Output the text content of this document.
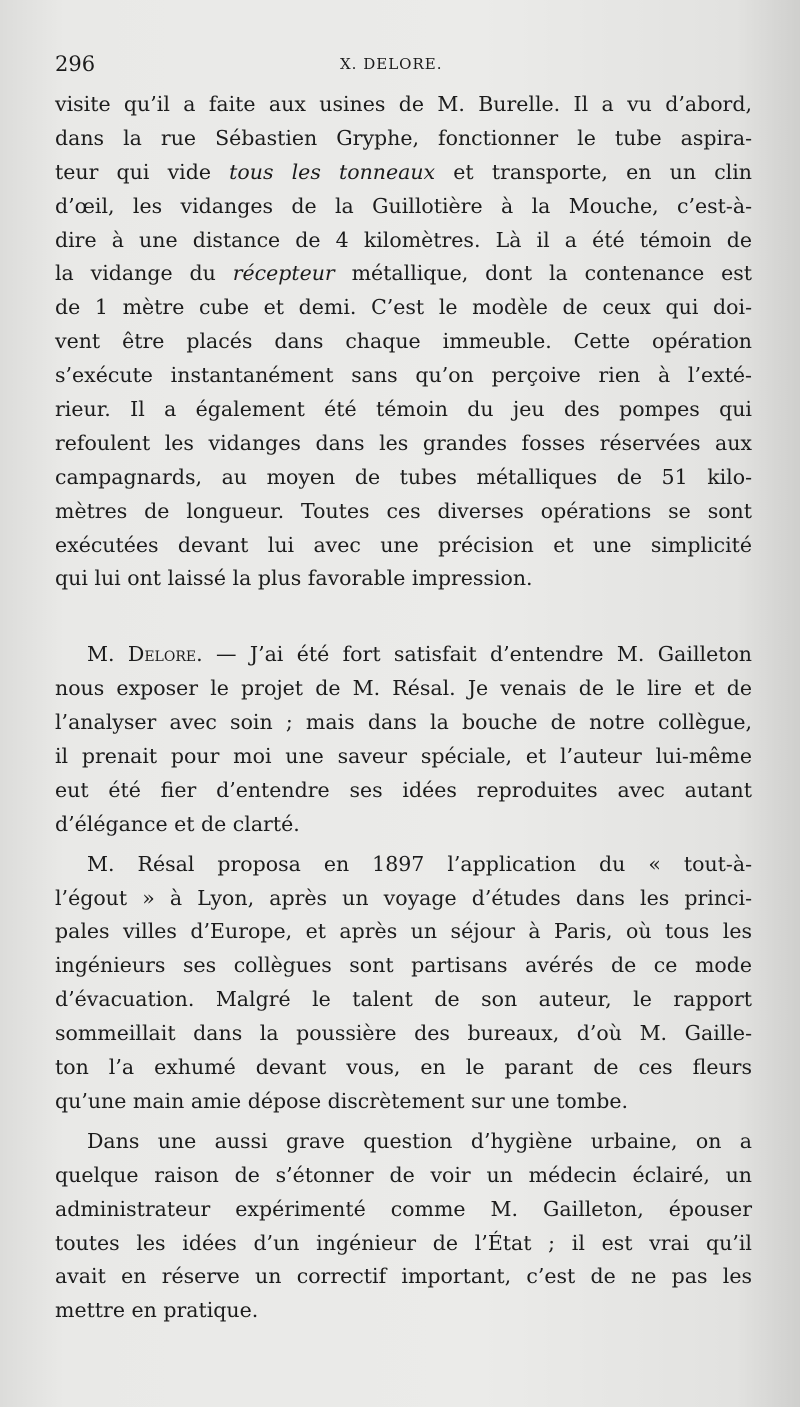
296	X. DELORE.
visite qu’il a faite aux usines de M. Burelle. Il a vu d’abord,
dans la rue Sébastien Gryphe, fonctionner le tube aspira-
teur qui vide tous les tonneaux et transporte, en un clin
d’œil, les vidanges de la Guillotière à la Mouche, c’est-à-
dire à une distance de 4 kilomètres. Là il a été témoin de
la vidange du récepteur métallique, dont la contenance est
de 1 mètre cube et demi. C’est le modèle de ceux qui doi-
vent être placés dans chaque immeuble. Cette opération
s’exécute instantanément sans qu’on perçoive rien à l’exté-
rieur. Il a également été témoin du jeu des pompes qui
refoulent les vidanges dans les grandes fosses réservées aux
campagnards, au moyen de tubes métalliques de 51 kilo-
mètres de longueur. Toutes ces diverses opérations se sont
exécutées devant lui avec une précision et une simplicité
qui lui ont laissé la plus favorable impression.
M. Delore. — J’ai été fort satisfait d’entendre M. Gailleton
nous exposer le projet de M. Résal. Je venais de le lire et de
l’analyser avec soin ; mais dans la bouche de notre collègue,
il prenait pour moi une saveur spéciale, et l’auteur lui-même
eut été fier d’entendre ses idées reproduites avec autant
d’élégance et de clarté.
M. Résal proposa en 1897 l’application du « tout-à-
l’égout » à Lyon, après un voyage d’études dans les princi-
pales villes d’Europe, et après un séjour à Paris, où tous les
ingénieurs ses collègues sont partisans avérés de ce mode
d’évacuation. Malgré le talent de son auteur, le rapport
sommeillait dans la poussière des bureaux, d’où M. Gaille-
ton l’a exhumé devant vous, en le parant de ces fleurs
qu’une main amie dépose discrètement sur une tombe.
Dans une aussi grave question d’hygiène urbaine, on a
quelque raison de s’étonner de voir un médecin éclairé, un
administrateur expérimenté comme M. Gailleton, épouser
toutes les idées d’un ingénieur de l’État ; il est vrai qu’il
avait en réserve un correctif important, c’est de ne pas les
mettre en pratique.
